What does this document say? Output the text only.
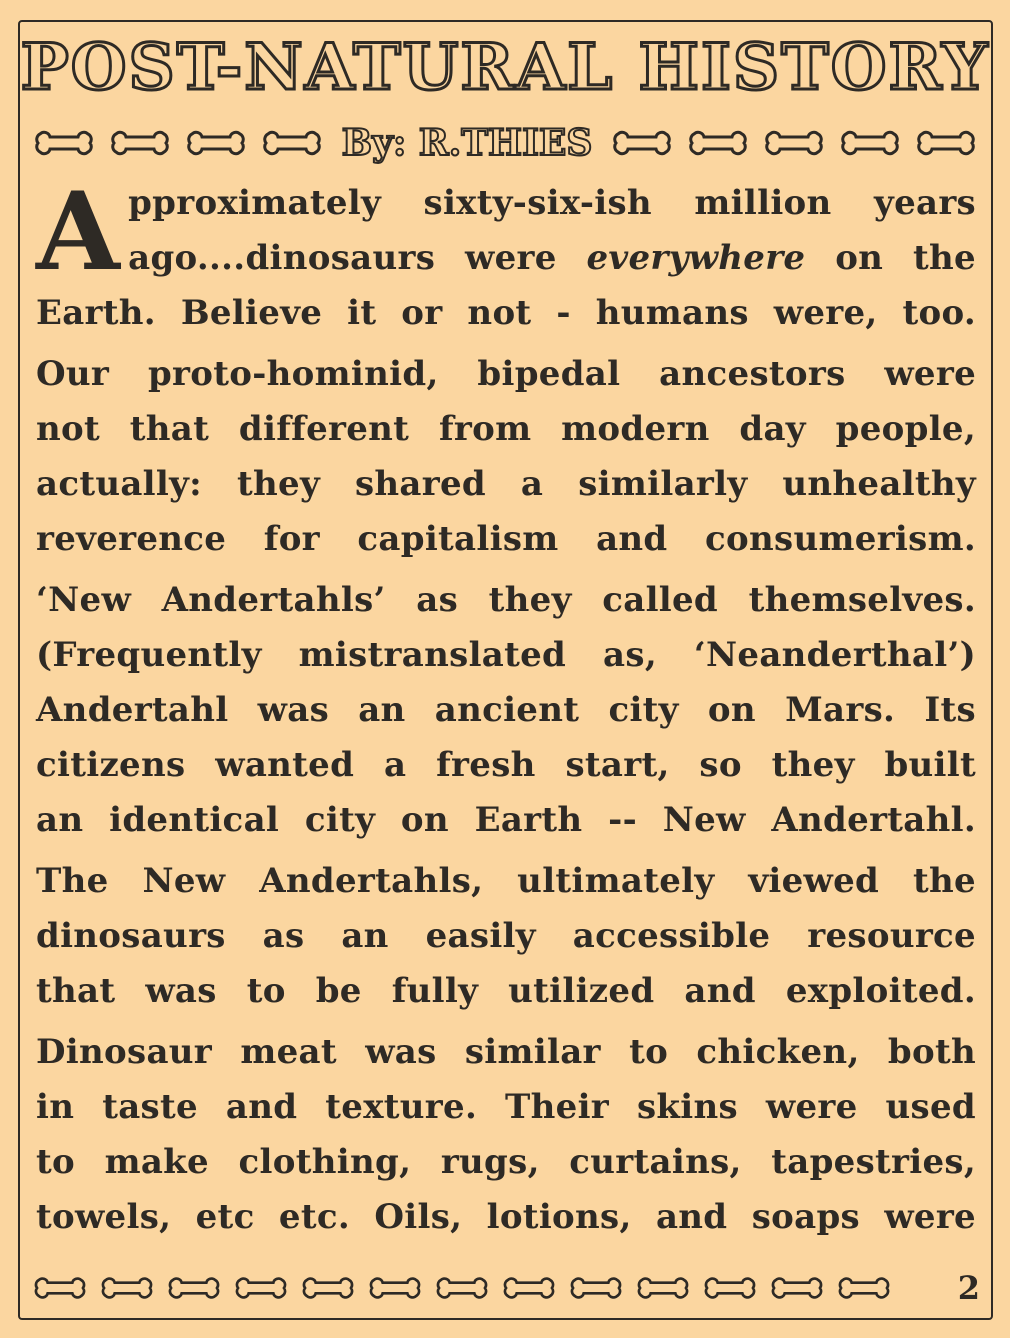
POST-NATURAL HISTORY
By: R.THIES
A pproximately sixty-six-ish million years
ago....dinosaurs were everywhere on the
Earth. Believe it or not - humans were, too.
Our proto-hominid, bipedal ancestors were
not that different from modern day people,
actually: they shared a similarly unhealthy
reverence for capitalism and consumerism.
‘New Andertahls’ as they called themselves.
(Frequently mistranslated as, ‘Neanderthal’)
Andertahl was an ancient city on Mars. Its
citizens wanted a fresh start, so they built
an identical city on Earth -- New Andertahl.
The New Andertahls, ultimately viewed the
dinosaurs as an easily accessible resource
that was to be fully utilized and exploited.
Dinosaur meat was similar to chicken, both
in taste and texture. Their skins were used
to make clothing, rugs, curtains, tapestries,
towels, etc etc. Oils, lotions, and soaps were
2
